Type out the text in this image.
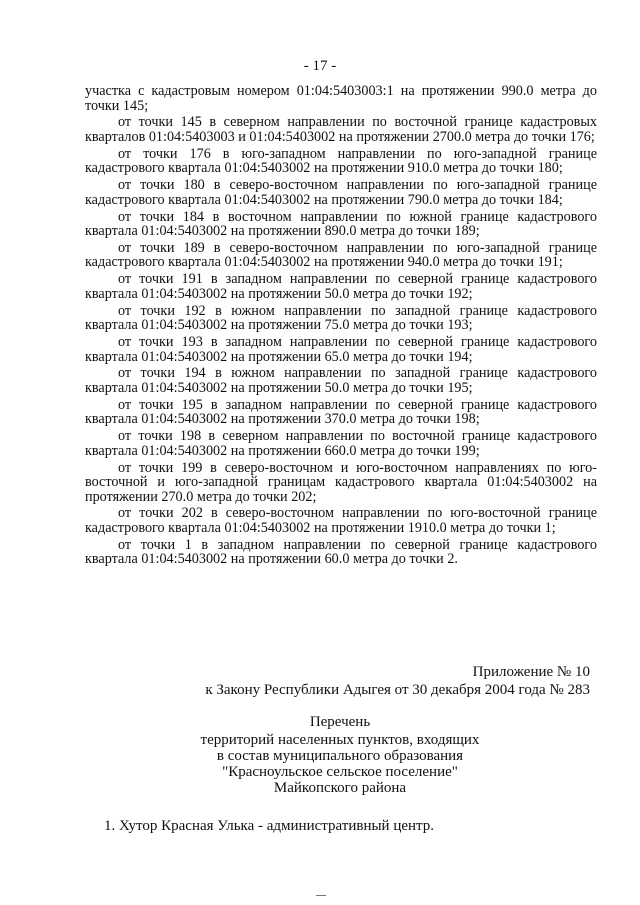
- 17 -

участка с кадастровым номером 01:04:5403003:1 на протяжении 990.0 метра до точки 145;

от точки 145 в северном направлении по восточной границе кадастровых кварталов 01:04:5403003 и 01:04:5403002 на протяжении 2700.0 метра до точки 176;

от точки 176 в юго-западном направлении по юго-западной границе кадастрового квартала 01:04:5403002 на протяжении 910.0 метра до точки 180;

от точки 180 в северо-восточном направлении по юго-западной границе кадастрового квартала 01:04:5403002 на протяжении 790.0 метра до точки 184;

от точки 184 в восточном направлении по южной границе кадастрового квартала 01:04:5403002 на протяжении 890.0 метра до точки 189;

от точки 189 в северо-восточном направлении по юго-западной границе кадастрового квартала 01:04:5403002 на протяжении 940.0 метра до точки 191;

от точки 191 в западном направлении по северной границе кадастрового квартала 01:04:5403002 на протяжении 50.0 метра до точки 192;

от точки 192 в южном направлении по западной границе кадастрового квартала 01:04:5403002 на протяжении 75.0 метра до точки 193;

от точки 193 в западном направлении по северной границе кадастрового квартала 01:04:5403002 на протяжении 65.0 метра до точки 194;

от точки 194 в южном направлении по западной границе кадастрового квартала 01:04:5403002 на протяжении 50.0 метра до точки 195;

от точки 195 в западном направлении по северной границе кадастрового квартала 01:04:5403002 на протяжении 370.0 метра до точки 198;

от точки 198 в северном направлении по восточной границе кадастрового квартала 01:04:5403002 на протяжении 660.0 метра до точки 199;

от точки 199 в северо-восточном и юго-восточном направлениях по юго-восточной и юго-западной границам кадастрового квартала 01:04:5403002 на протяжении 270.0 метра до точки 202;

от точки 202 в северо-восточном направлении по юго-восточной границе кадастрового квартала 01:04:5403002 на протяжении 1910.0 метра до точки 1;

от точки 1 в западном направлении по северной границе кадастрового квартала 01:04:5403002 на протяжении 60.0 метра до точки 2.

Приложение № 10
к Закону Республики Адыгея от 30 декабря 2004 года № 283
Перечень
территорий населенных пунктов, входящих
в состав муниципального образования
"Красноульское сельское поселение"
Майкопского района
1. Хутор Красная Улька - административный центр.
